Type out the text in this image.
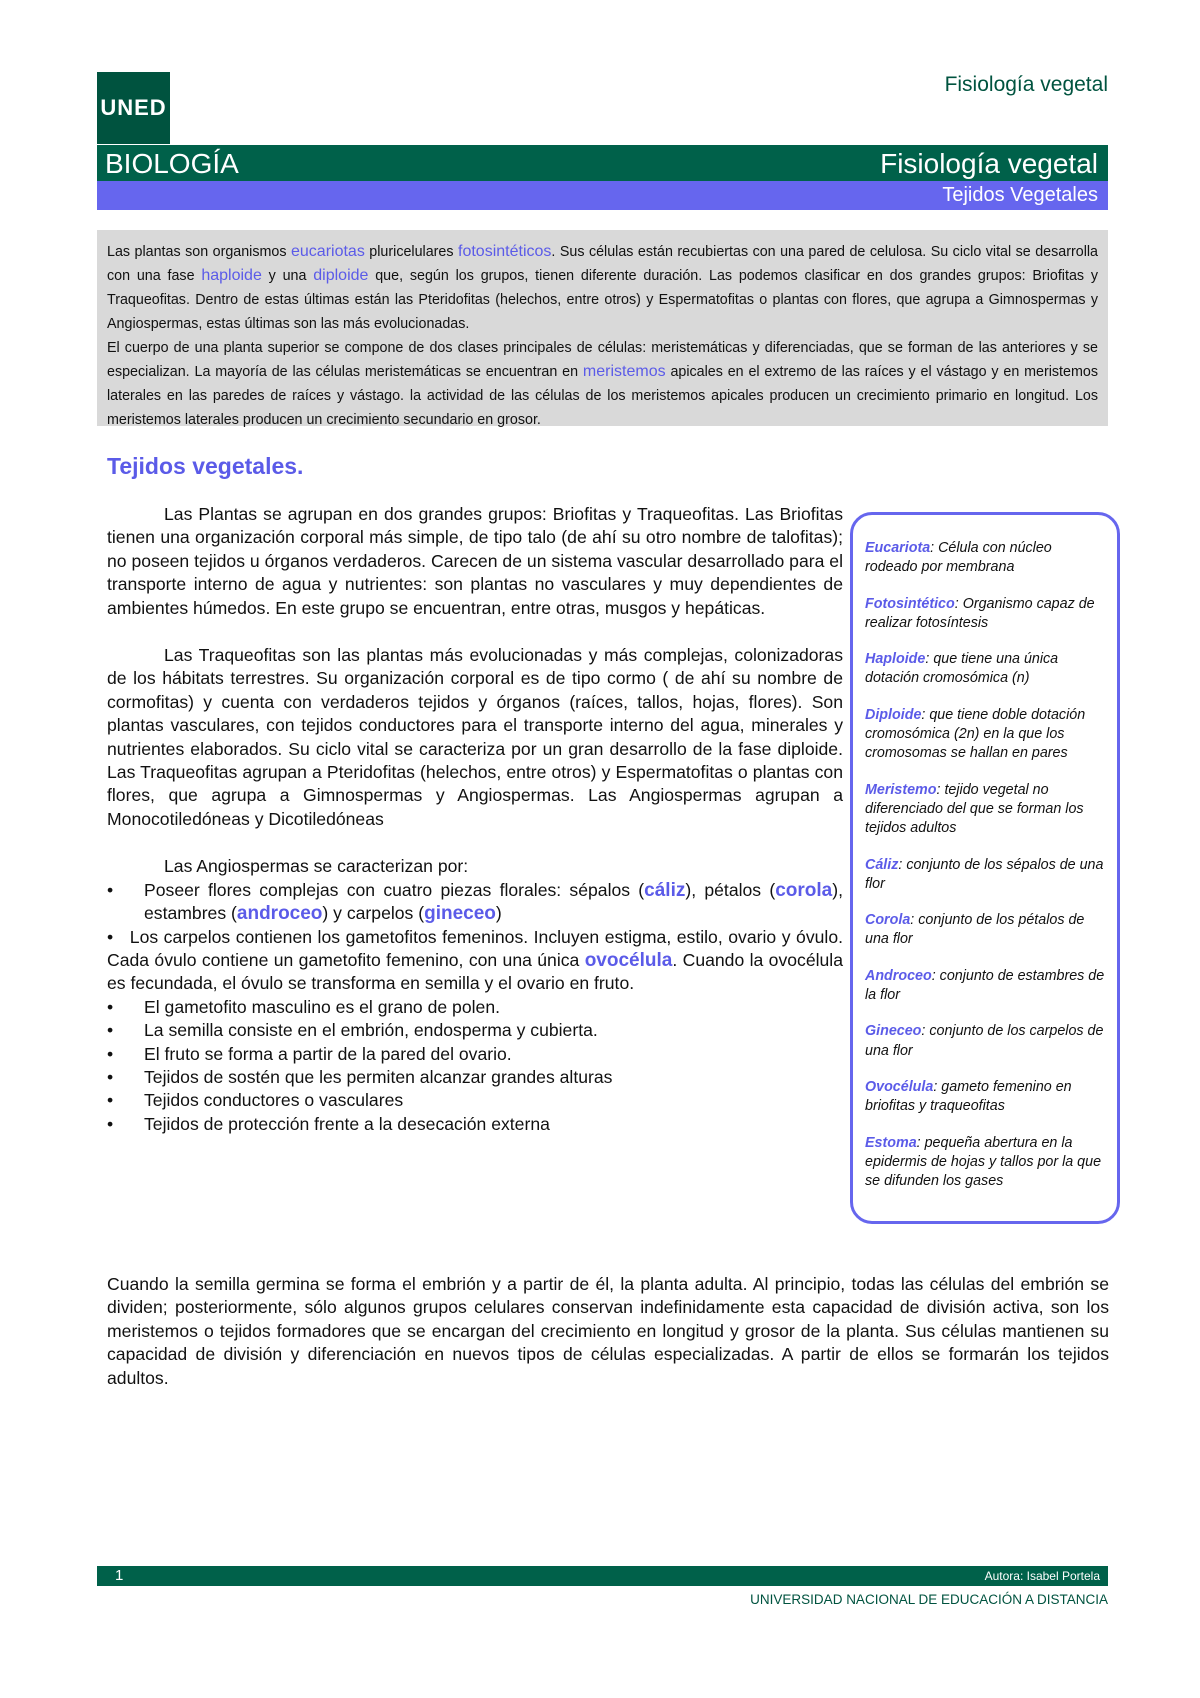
UNED
Fisiología vegetal
BIOLOGÍA	Fisiología vegetal
Tejidos Vegetales

Las plantas son organismos eucariotas pluricelulares fotosintéticos. Sus células están recubiertas con una pared de celulosa. Su ciclo vital se desarrolla con una fase haploide y una diploide que, según los grupos, tienen diferente duración. Las podemos clasificar en dos grandes grupos: Briofitas y Traqueofitas. Dentro de estas últimas están las Pteridofitas (helechos, entre otros) y Espermatofitas o plantas con flores, que agrupa a Gimnospermas y Angiospermas, estas últimas son las más evolucionadas.

El cuerpo de una planta superior se compone de dos clases principales de células: meristemáticas y diferenciadas, que se forman de las anteriores y se especializan. La mayoría de las células meristemáticas se encuentran en meristemos apicales en el extremo de las raíces y el vástago y en meristemos laterales en las paredes de raíces y vástago. la actividad de las células de los meristemos apicales producen un crecimiento primario en longitud. Los meristemos laterales producen un crecimiento secundario en grosor.

Tejidos vegetales.

Las Plantas se agrupan en dos grandes grupos: Briofitas y Traqueofitas. Las Briofitas tienen una organización corporal más simple, de tipo talo (de ahí su otro nombre de talofitas); no poseen tejidos u órganos verdaderos. Carecen de un sistema vascular desarrollado para el transporte interno de agua y nutrientes: son plantas no vasculares y muy dependientes de ambientes húmedos. En este grupo se encuentran, entre otras, musgos y hepáticas.

Las Traqueofitas son las plantas más evolucionadas y más complejas, colonizadoras de los hábitats terrestres. Su organización corporal es de tipo cormo ( de ahí su nombre de cormofitas) y cuenta con verdaderos tejidos y órganos (raíces, tallos, hojas, flores). Son plantas vasculares, con tejidos conductores para el transporte interno del agua, minerales y nutrientes elaborados. Su ciclo vital se caracteriza por un gran desarrollo de la fase diploide. Las Traqueofitas agrupan a Pteridofitas (helechos, entre otros) y Espermatofitas o plantas con flores, que agrupa a Gimnospermas y Angiospermas. Las Angiospermas agrupan a Monocotiledóneas y Dicotiledóneas

Las Angiospermas se caracterizan por:

•	Poseer flores complejas con cuatro piezas florales: sépalos (cáliz), pétalos (corola), estambres (androceo) y carpelos (gineceo)

• Los carpelos contienen los gametofitos femeninos. Incluyen estigma, estilo, ovario y óvulo. Cada óvulo contiene un gametofito femenino, con una única ovocélula. Cuando la ovocélula es fecundada, el óvulo se transforma en semilla y el ovario en fruto.

•	El gametofito masculino es el grano de polen.
•	La semilla consiste en el embrión, endosperma y cubierta.
•	El fruto se forma a partir de la pared del ovario.
•	Tejidos de sostén que les permiten alcanzar grandes alturas
•	Tejidos conductores o vasculares
•	Tejidos de protección frente a la desecación externa
Eucariota: Célula con núcleo rodeado por membrana
Fotosintético: Organismo capaz de realizar fotosíntesis
Haploide: que tiene una única dotación cromosómica (n)
Diploide: que tiene doble dotación cromosómica (2n) en la que los cromosomas se hallan en pares
Meristemo: tejido vegetal no diferenciado del que se forman los tejidos adultos
Cáliz: conjunto de los sépalos de una flor
Corola: conjunto de los pétalos de una flor
Androceo: conjunto de estambres de la flor
Gineceo: conjunto de los carpelos de una flor
Ovocélula: gameto femenino en briofitas y traqueofitas
Estoma: pequeña abertura en la epidermis de hojas y tallos por la que se difunden los gases

Cuando la semilla germina se forma el embrión y a partir de él, la planta adulta. Al principio, todas las células del embrión se dividen; posteriormente, sólo algunos grupos celulares conservan indefinidamente esta capacidad de división activa, son los meristemos o tejidos formadores que se encargan del crecimiento en longitud y grosor de la planta. Sus células mantienen su capacidad de división y diferenciación en nuevos tipos de células especializadas. A partir de ellos se formarán los tejidos adultos.

1	Autora: Isabel Portela
UNIVERSIDAD NACIONAL DE EDUCACIÓN A DISTANCIA
